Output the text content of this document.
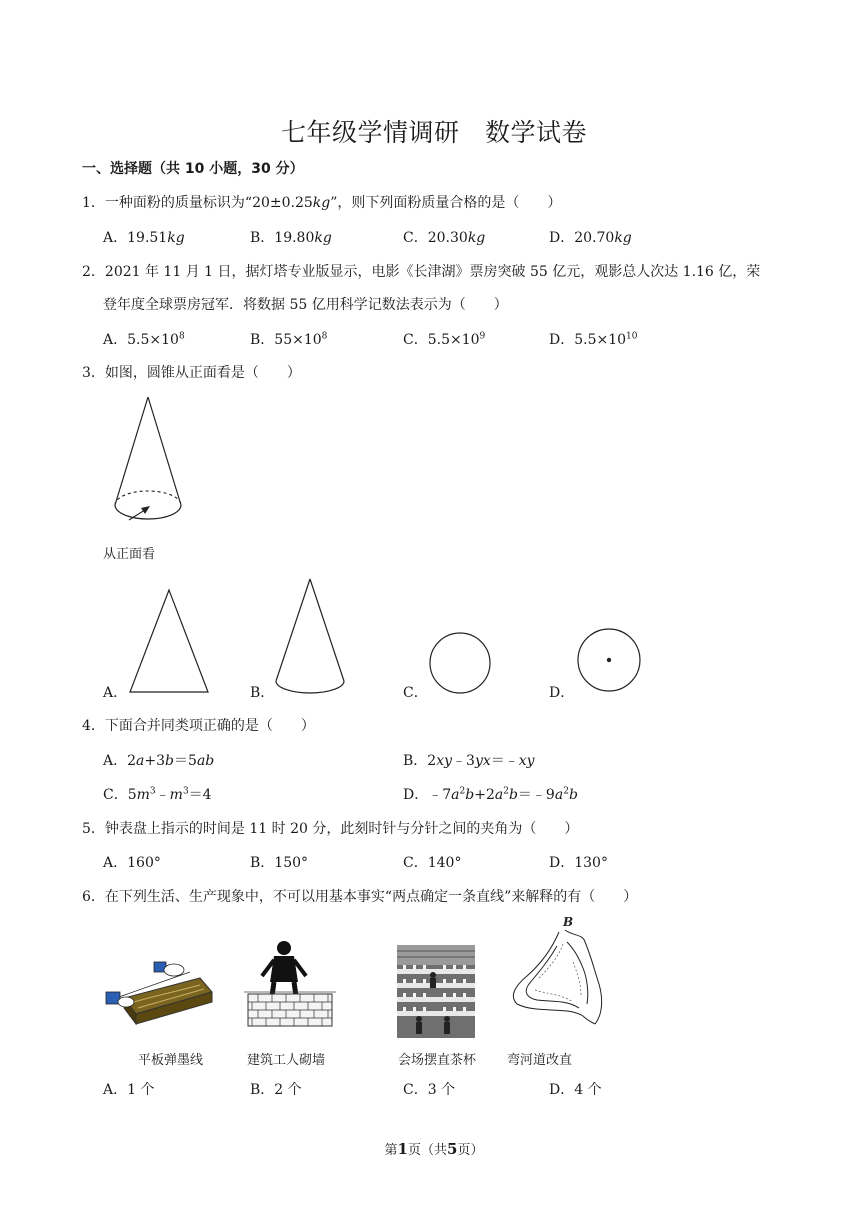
七年级学情调研　数学试卷
一、选择题（共 10 小题，30 分）
1．一种面粉的质量标识为“20±0.25kg”，则下列面粉质量合格的是（　　）
A．19.51kg	B．19.80kg	C．20.30kg	D．20.70kg
2．2021 年 11 月 1 日，据灯塔专业版显示，电影《长津湖》票房突破 55 亿元，观影总人次达 1.16 亿，荣
登年度全球票房冠军．将数据 55 亿用科学记数法表示为（　　）
A．$5.5\times 10^8$	B．$55\times 10^8$	C．$5.5\times 10^9$	D．$5.5\times 10^{10}$
3．如图，圆锥从正面看是（　　）
从正面看
A．	B．	C．	D．
4．下面合并同类项正确的是（　　）
A．2a+3b＝5ab	B．2xy﹣3yx＝﹣xy
C．$5m^3﹣m^3=4$	D．$﹣7a^2b+2a^2b=﹣9a^2b$
5．钟表盘上指示的时间是 11 时 20 分，此刻时针与分针之间的夹角为（　　）
A．160°	B．150°	C．140°	D．130°
6．在下列生活、生产现象中，不可以用基本事实“两点确定一条直线”来解释的有（　　）
B
平板弹墨线	建筑工人砌墙	会场摆直茶杯 弯河道改直
A．1 个	B．2 个	C．3 个	D．4 个
第1页（共5页）
